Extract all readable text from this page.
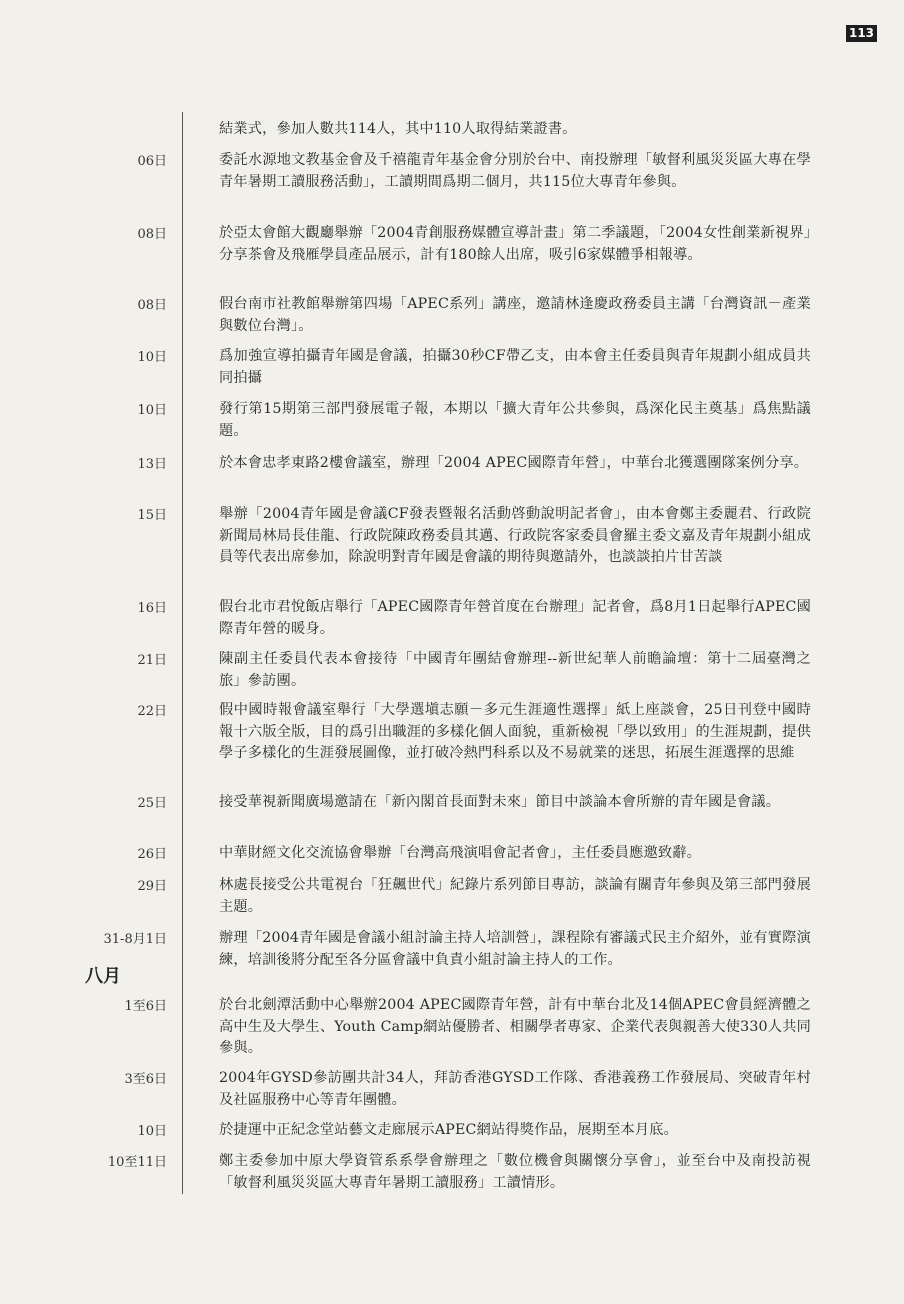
113
結業式，參加人數共114人，其中110人取得結業證書。
06日	委託水源地文教基金會及千禧龍青年基金會分別於台中、南投辦理「敏督利風災災區大專在學青年暑期工讀服務活動」，工讀期間爲期二個月，共115位大專青年參與。
08日	於亞太會館大觀廳舉辦「2004青創服務媒體宣導計畫」第二季議題，「2004女性創業新視界」分享茶會及飛雁學員產品展示，計有180餘人出席，吸引6家媒體爭相報導。
08日	假台南市社教館舉辦第四場「APEC系列」講座，邀請林逢慶政務委員主講「台灣資訊－產業與數位台灣」。
10日	爲加強宣導拍攝青年國是會議，拍攝30秒CF帶乙支，由本會主任委員與青年規劃小組成員共同拍攝
10日	發行第15期第三部門發展電子報，本期以「擴大青年公共參與，爲深化民主奠基」爲焦點議題。
13日	於本會忠孝東路2樓會議室，辦理「2004 APEC國際青年營」，中華台北獲選團隊案例分享。
15日	舉辦「2004青年國是會議CF發表暨報名活動啓動說明記者會」，由本會鄭主委麗君、行政院新聞局林局長佳龍、行政院陳政務委員其邁、行政院客家委員會羅主委文嘉及青年規劃小組成員等代表出席參加，除說明對青年國是會議的期待與邀請外，也談談拍片甘苦談
16日	假台北市君悅飯店舉行「APEC國際青年營首度在台辦理」記者會，爲8月1日起舉行APEC國際青年營的暖身。
21日	陳副主任委員代表本會接待「中國青年團結會辦理--新世紀華人前瞻論壇：第十二屆臺灣之旅」參訪團。
22日	假中國時報會議室舉行「大學選塡志願－多元生涯適性選擇」紙上座談會，25日刊登中國時報十六版全版，目的爲引出職涯的多樣化個人面貌，重新檢視「學以致用」的生涯規劃，提供學子多樣化的生涯發展圖像，並打破冷熱門科系以及不易就業的迷思，拓展生涯選擇的思維
25日	接受華視新聞廣場邀請在「新內閣首長面對未來」節目中談論本會所辦的青年國是會議。
26日	中華財經文化交流協會舉辦「台灣高飛演唱會記者會」，主任委員應邀致辭。
29日	林處長接受公共電視台「狂飆世代」紀錄片系列節目專訪，談論有關青年參與及第三部門發展主題。
31-8月1日	辦理「2004青年國是會議小組討論主持人培訓營」，課程除有審議式民主介紹外，並有實際演練，培訓後將分配至各分區會議中負責小組討論主持人的工作。
八月
1至6日	於台北劍潭活動中心舉辦2004 APEC國際青年營，計有中華台北及14個APEC會員經濟體之高中生及大學生、Youth Camp網站優勝者、相關學者專家、企業代表與親善大使330人共同參與。
3至6日	2004年GYSD參訪團共計34人，拜訪香港GYSD工作隊、香港義務工作發展局、突破青年村及社區服務中心等青年團體。
10日	於捷運中正紀念堂站藝文走廊展示APEC網站得獎作品，展期至本月底。
10至11日	鄭主委參加中原大學資管系系學會辦理之「數位機會與關懷分享會」，並至台中及南投訪視「敏督利風災災區大專青年暑期工讀服務」工讀情形。
